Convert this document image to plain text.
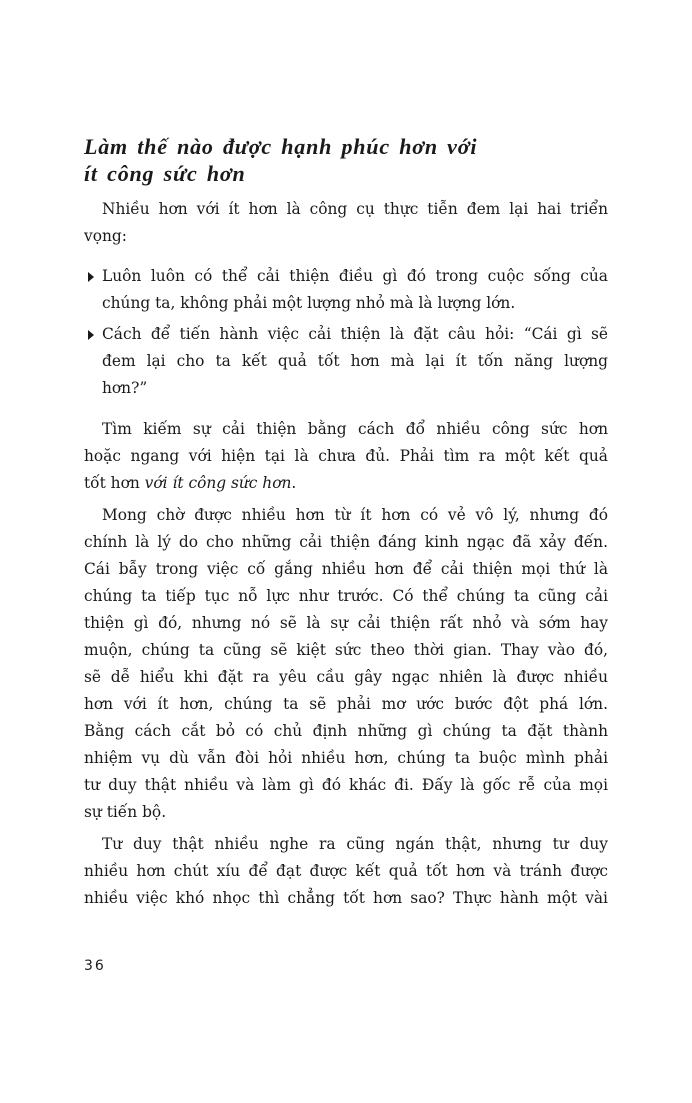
Làm thế nào được hạnh phúc hơn với
ít công sức hơn
Nhiều hơn với ít hơn là công cụ thực tiễn đem lại hai triển
vọng:
Luôn luôn có thể cải thiện điều gì đó trong cuộc sống của
chúng ta, không phải một lượng nhỏ mà là lượng lớn.
Cách để tiến hành việc cải thiện là đặt câu hỏi: “Cái gì sẽ
đem lại cho ta kết quả tốt hơn mà lại ít tốn năng lượng
hơn?”
Tìm kiếm sự cải thiện bằng cách đổ nhiều công sức hơn
hoặc ngang với hiện tại là chưa đủ. Phải tìm ra một kết quả
tốt hơn với ít công sức hơn.
Mong chờ được nhiều hơn từ ít hơn có vẻ vô lý, nhưng đó
chính là lý do cho những cải thiện đáng kinh ngạc đã xảy đến.
Cái bẫy trong việc cố gắng nhiều hơn để cải thiện mọi thứ là
chúng ta tiếp tục nỗ lực như trước. Có thể chúng ta cũng cải
thiện gì đó, nhưng nó sẽ là sự cải thiện rất nhỏ và sớm hay
muộn, chúng ta cũng sẽ kiệt sức theo thời gian. Thay vào đó,
sẽ dễ hiểu khi đặt ra yêu cầu gây ngạc nhiên là được nhiều
hơn với ít hơn, chúng ta sẽ phải mơ ước bước đột phá lớn.
Bằng cách cắt bỏ có chủ định những gì chúng ta đặt thành
nhiệm vụ dù vẫn đòi hỏi nhiều hơn, chúng ta buộc mình phải
tư duy thật nhiều và làm gì đó khác đi. Đấy là gốc rễ của mọi
sự tiến bộ.
Tư duy thật nhiều nghe ra cũng ngán thật, nhưng tư duy
nhiều hơn chút xíu để đạt được kết quả tốt hơn và tránh được
nhiều việc khó nhọc thì chẳng tốt hơn sao? Thực hành một vài
36
